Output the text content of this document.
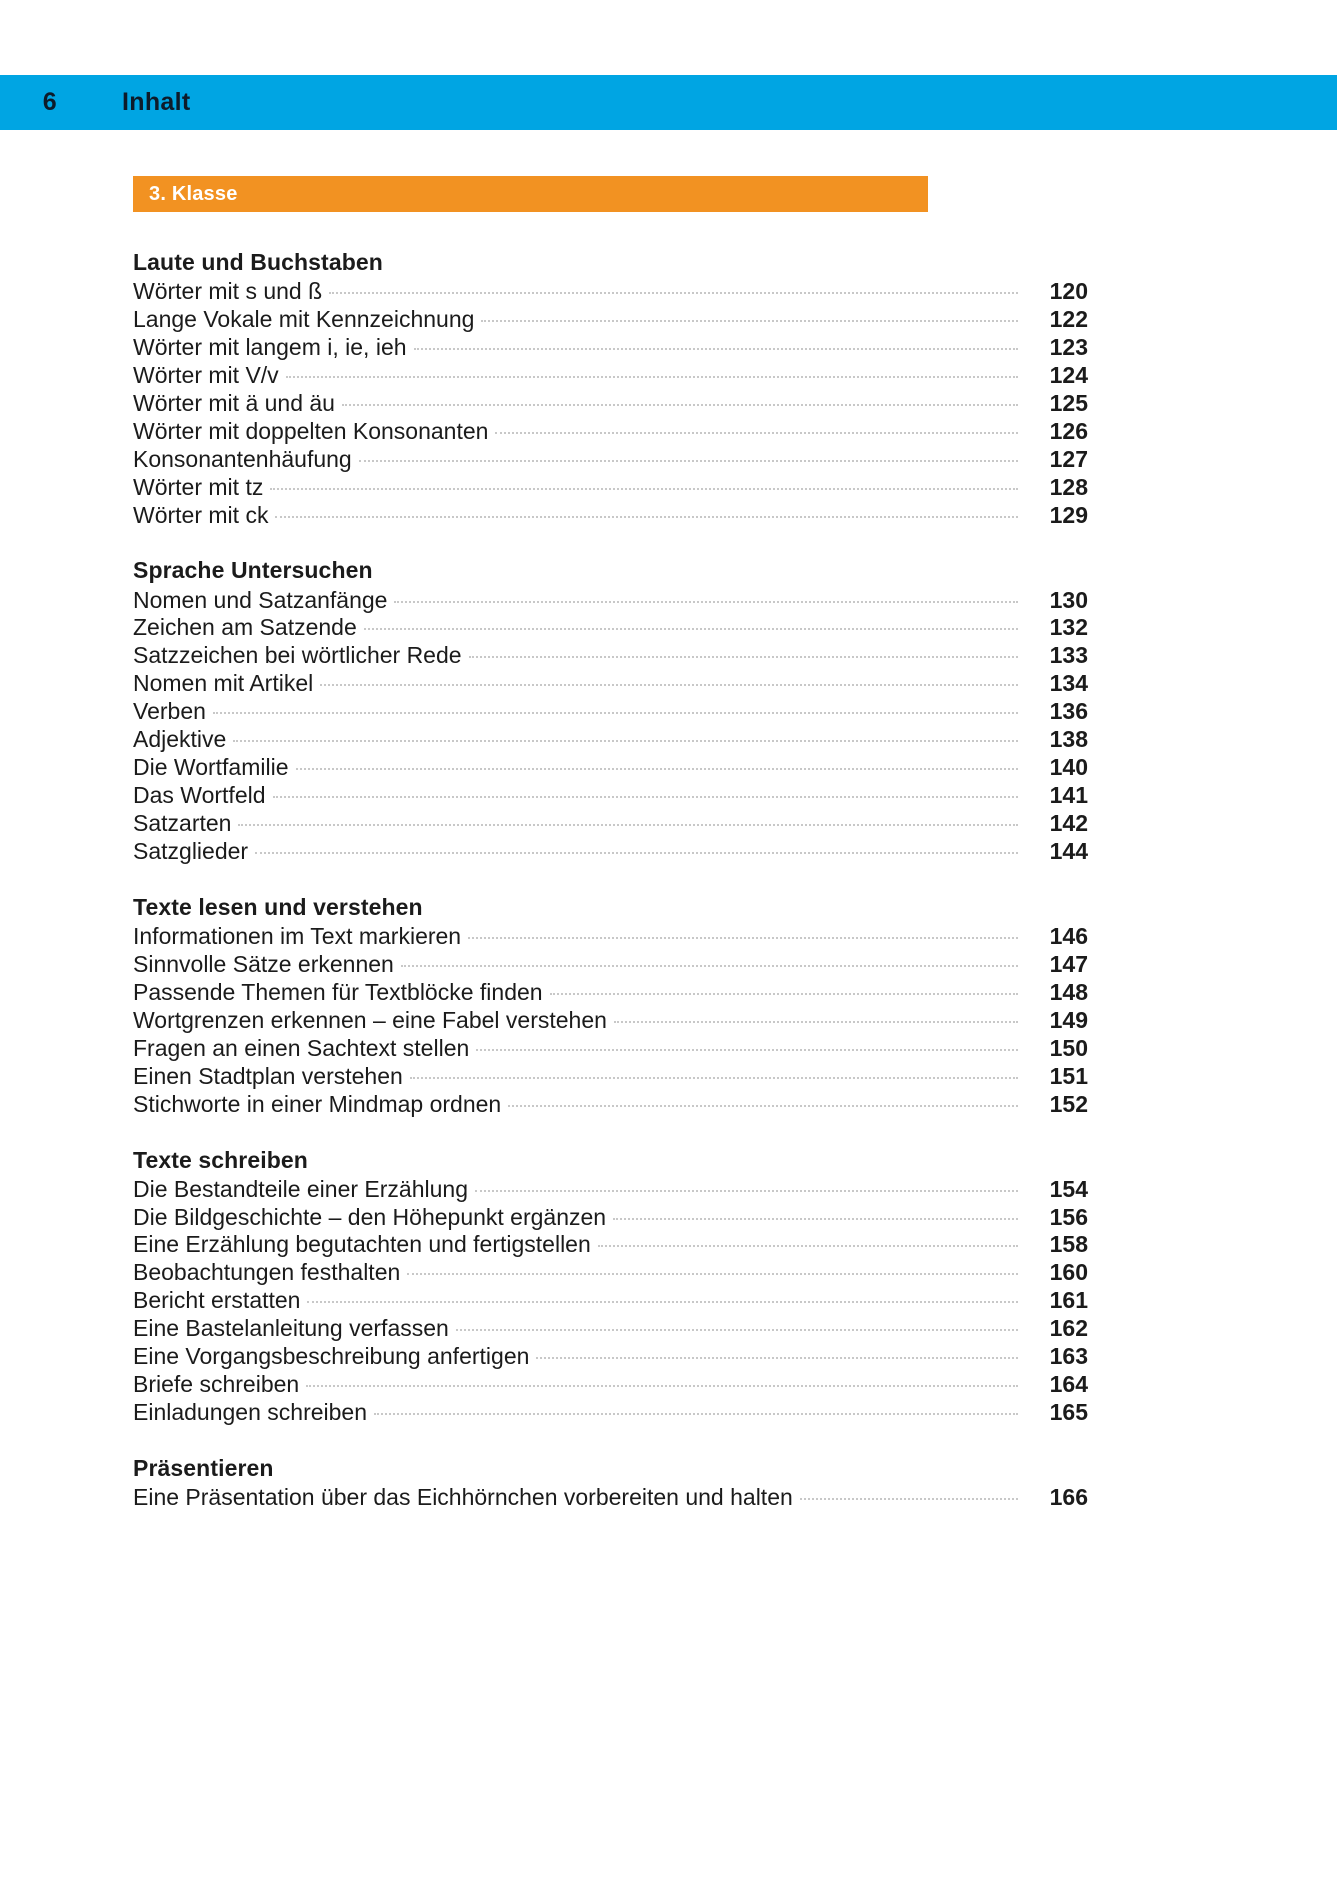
6	Inhalt
3. Klasse
Laute und Buchstaben
Wörter mit s und ß	120
Lange Vokale mit Kennzeichnung	122
Wörter mit langem i, ie, ieh	123
Wörter mit V/v	124
Wörter mit ä und äu	125
Wörter mit doppelten Konsonanten	126
Konsonantenhäufung	127
Wörter mit tz	128
Wörter mit ck	129
Sprache Untersuchen
Nomen und Satzanfänge	130
Zeichen am Satzende	132
Satzzeichen bei wörtlicher Rede	133
Nomen mit Artikel	134
Verben	136
Adjektive	138
Die Wortfamilie	140
Das Wortfeld	141
Satzarten	142
Satzglieder	144
Texte lesen und verstehen
Informationen im Text markieren	146
Sinnvolle Sätze erkennen	147
Passende Themen für Textblöcke finden	148
Wortgrenzen erkennen – eine Fabel verstehen	149
Fragen an einen Sachtext stellen	150
Einen Stadtplan verstehen	151
Stichworte in einer Mindmap ordnen	152
Texte schreiben
Die Bestandteile einer Erzählung	154
Die Bildgeschichte – den Höhepunkt ergänzen	156
Eine Erzählung begutachten und fertigstellen	158
Beobachtungen festhalten	160
Bericht erstatten	161
Eine Bastelanleitung verfassen	162
Eine Vorgangsbeschreibung anfertigen	163
Briefe schreiben	164
Einladungen schreiben	165
Präsentieren
Eine Präsentation über das Eichhörnchen vorbereiten und halten	166
